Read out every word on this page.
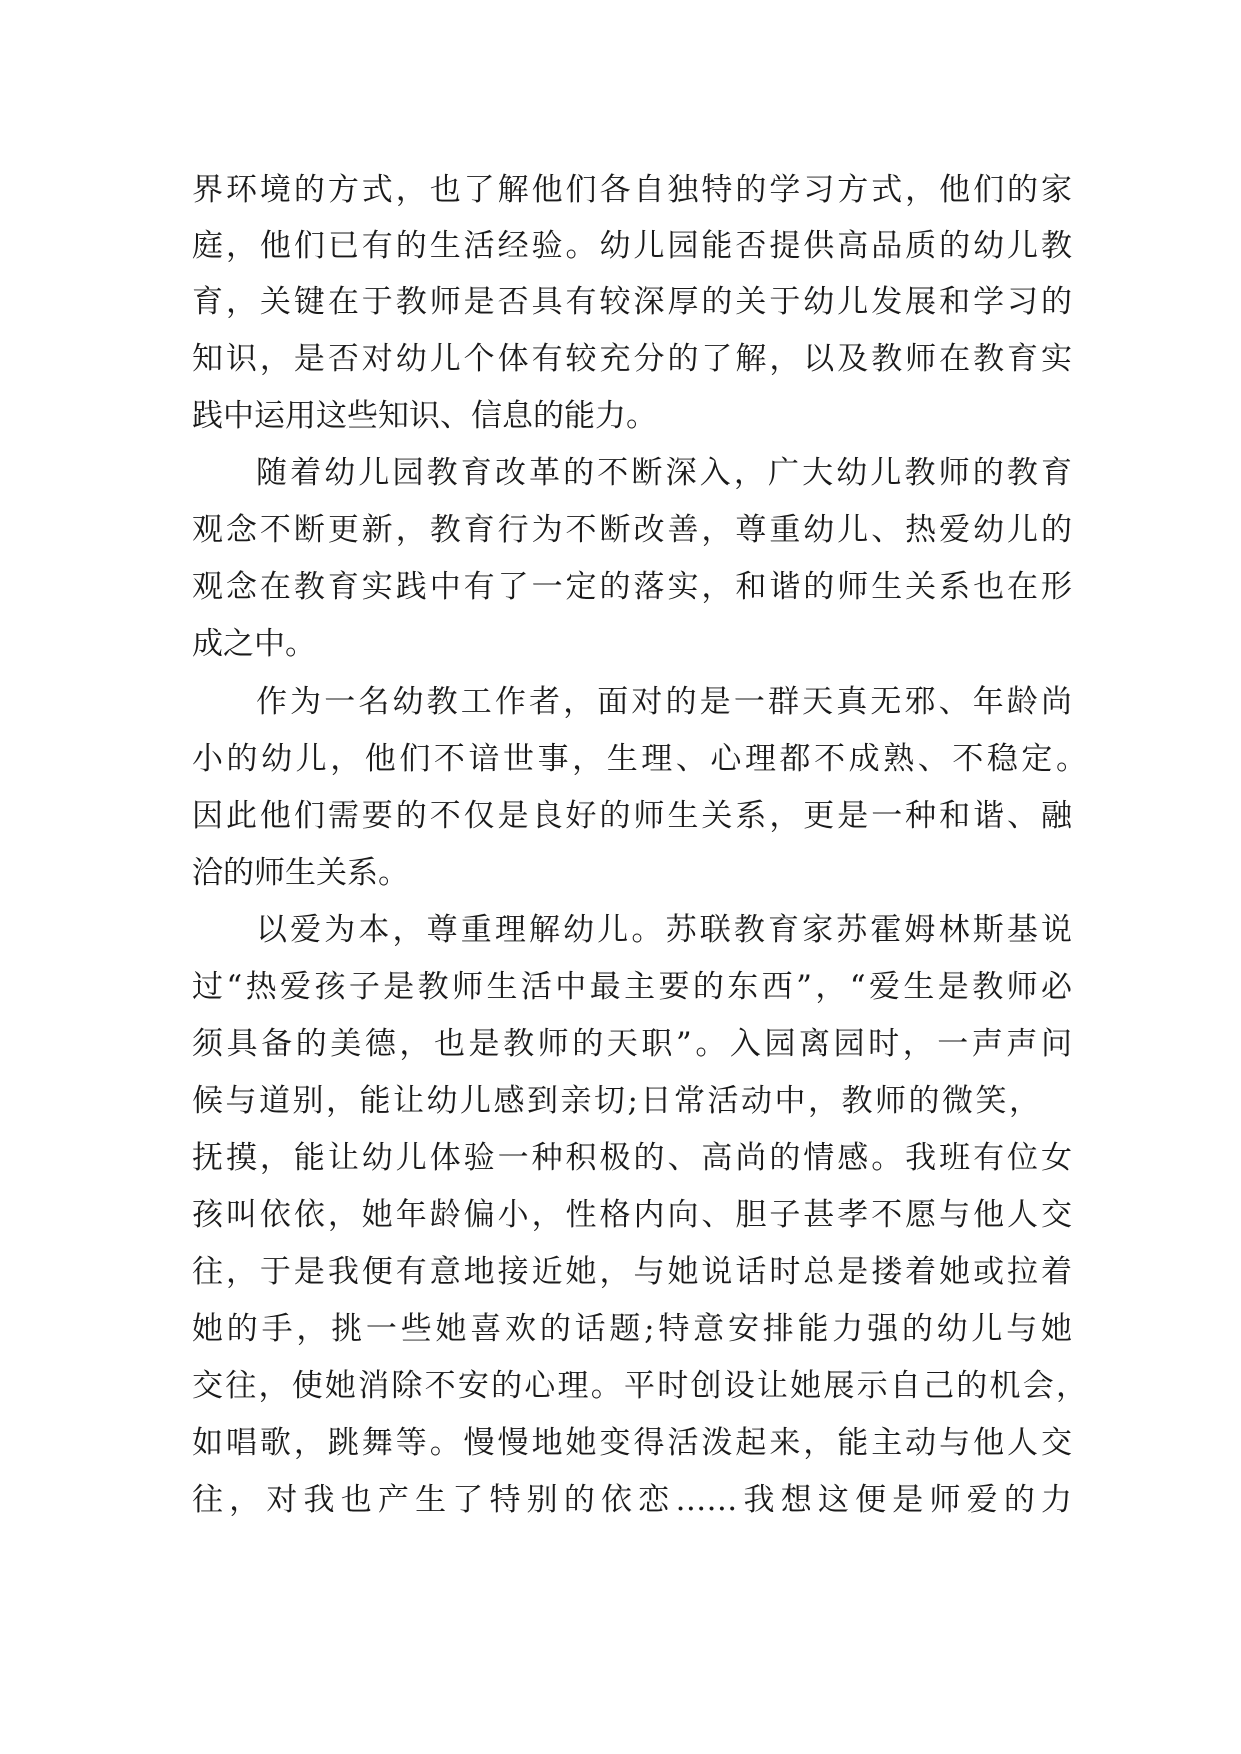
界环境的方式，也了解他们各自独特的学习方式，他们的家

庭，他们已有的生活经验。幼儿园能否提供高品质的幼儿教

育，关键在于教师是否具有较深厚的关于幼儿发展和学习的

知识，是否对幼儿个体有较充分的了解，以及教师在教育实

践中运用这些知识、信息的能力。

随着幼儿园教育改革的不断深入，广大幼儿教师的教育

观念不断更新，教育行为不断改善，尊重幼儿、热爱幼儿的

观念在教育实践中有了一定的落实，和谐的师生关系也在形

成之中。

作为一名幼教工作者，面对的是一群天真无邪、年龄尚

小的幼儿，他们不谙世事，生理、心理都不成熟、不稳定。

因此他们需要的不仅是良好的师生关系，更是一种和谐、融

洽的师生关系。

以爱为本，尊重理解幼儿。苏联教育家苏霍姆林斯基说

过“热爱孩子是教师生活中最主要的东西”，“爱生是教师必

须具备的美德，也是教师的天职”。入园离园时，一声声问

候与道别，能让幼儿感到亲切;日常活动中，教师的微笑，

抚摸，能让幼儿体验一种积极的、高尚的情感。我班有位女

孩叫依依，她年龄偏小，性格内向、胆子甚孝不愿与他人交

往，于是我便有意地接近她，与她说话时总是搂着她或拉着

她的手，挑一些她喜欢的话题;特意安排能力强的幼儿与她

交往，使她消除不安的心理。平时创设让她展示自己的机会，

如唱歌，跳舞等。慢慢地她变得活泼起来，能主动与他人交

往，对我也产生了特别的依恋……我想这便是师爱的力
